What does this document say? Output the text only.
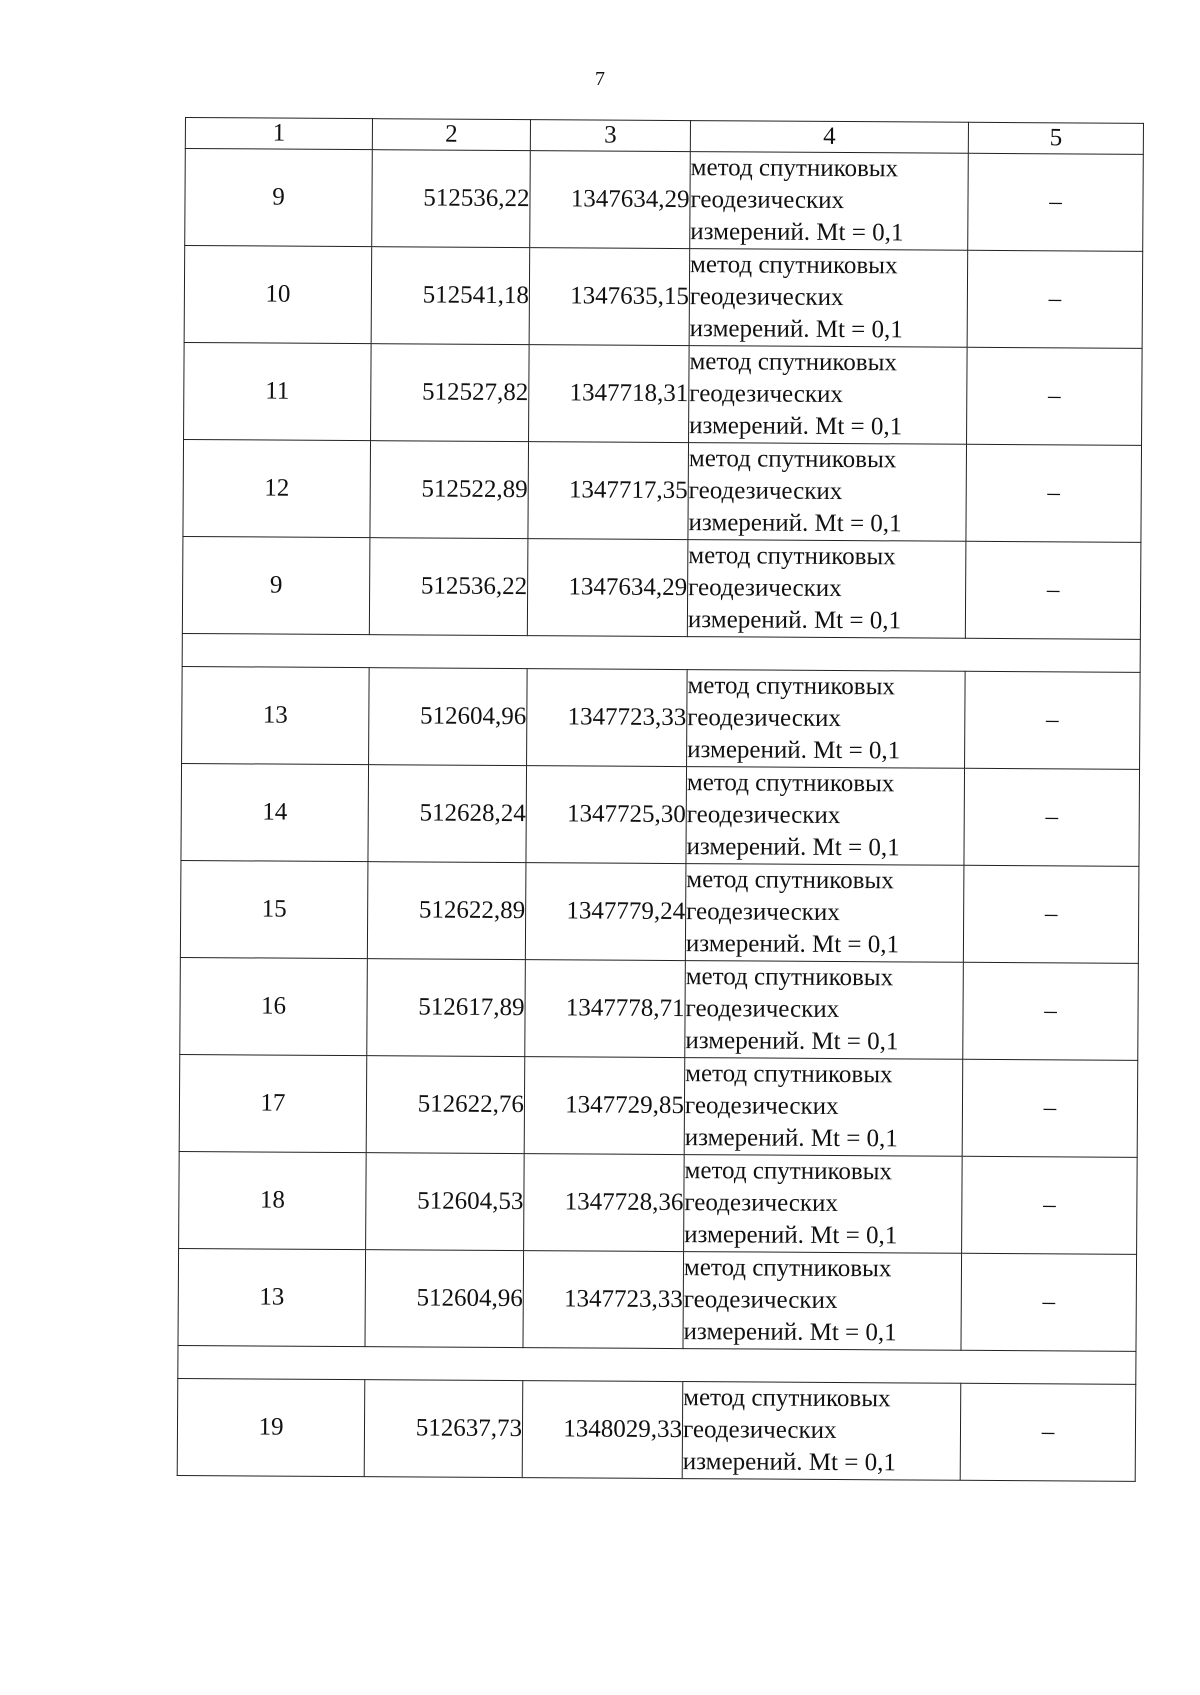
7
1	2	3	4	5
9	512536,22	1347634,29	метод спутниковых
геодезических
измерений. Mt = 0,1	–
10	512541,18	1347635,15	метод спутниковых
геодезических
измерений. Mt = 0,1	–
11	512527,82	1347718,31	метод спутниковых
геодезических
измерений. Mt = 0,1	–
12	512522,89	1347717,35	метод спутниковых
геодезических
измерений. Mt = 0,1	–
9	512536,22	1347634,29	метод спутниковых
геодезических
измерений. Mt = 0,1	–

13	512604,96	1347723,33	метод спутниковых
геодезических
измерений. Mt = 0,1	–
14	512628,24	1347725,30	метод спутниковых
геодезических
измерений. Mt = 0,1	–
15	512622,89	1347779,24	метод спутниковых
геодезических
измерений. Mt = 0,1	–
16	512617,89	1347778,71	метод спутниковых
геодезических
измерений. Mt = 0,1	–
17	512622,76	1347729,85	метод спутниковых
геодезических
измерений. Mt = 0,1	–
18	512604,53	1347728,36	метод спутниковых
геодезических
измерений. Mt = 0,1	–
13	512604,96	1347723,33	метод спутниковых
геодезических
измерений. Mt = 0,1	–

19	512637,73	1348029,33	метод спутниковых
геодезических
измерений. Mt = 0,1	–
